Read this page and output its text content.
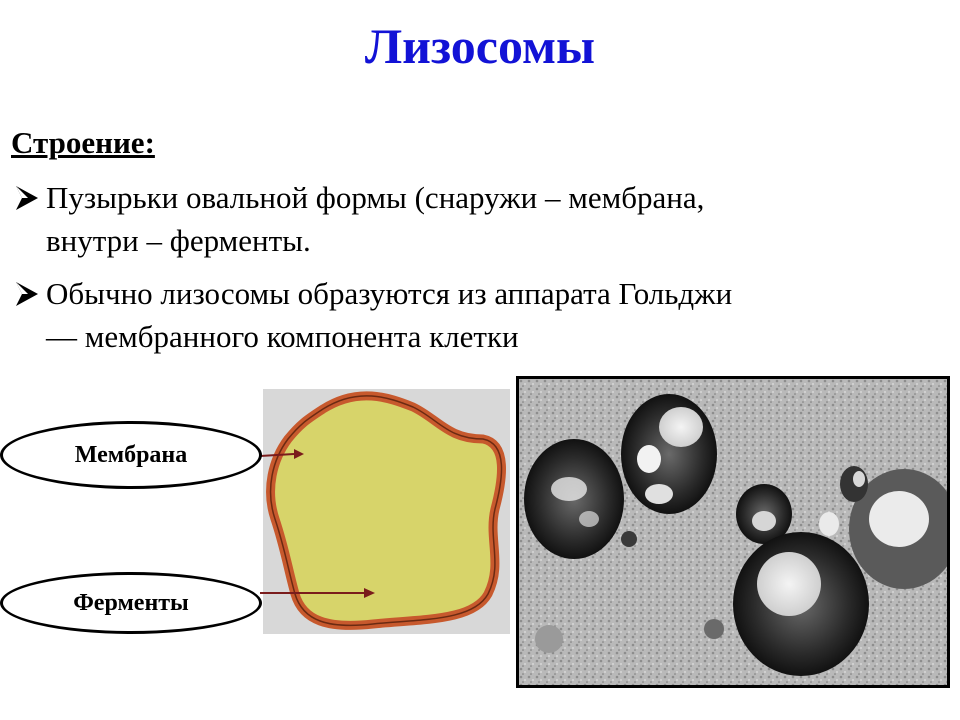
Лизосомы
Строение:
Пузырьки овальной формы (снаружи – мембрана,
внутри – ферменты.
Обычно лизосомы образуются из аппарата Гольджи
— мембранного компонента клетки
Мембрана
Ферменты
